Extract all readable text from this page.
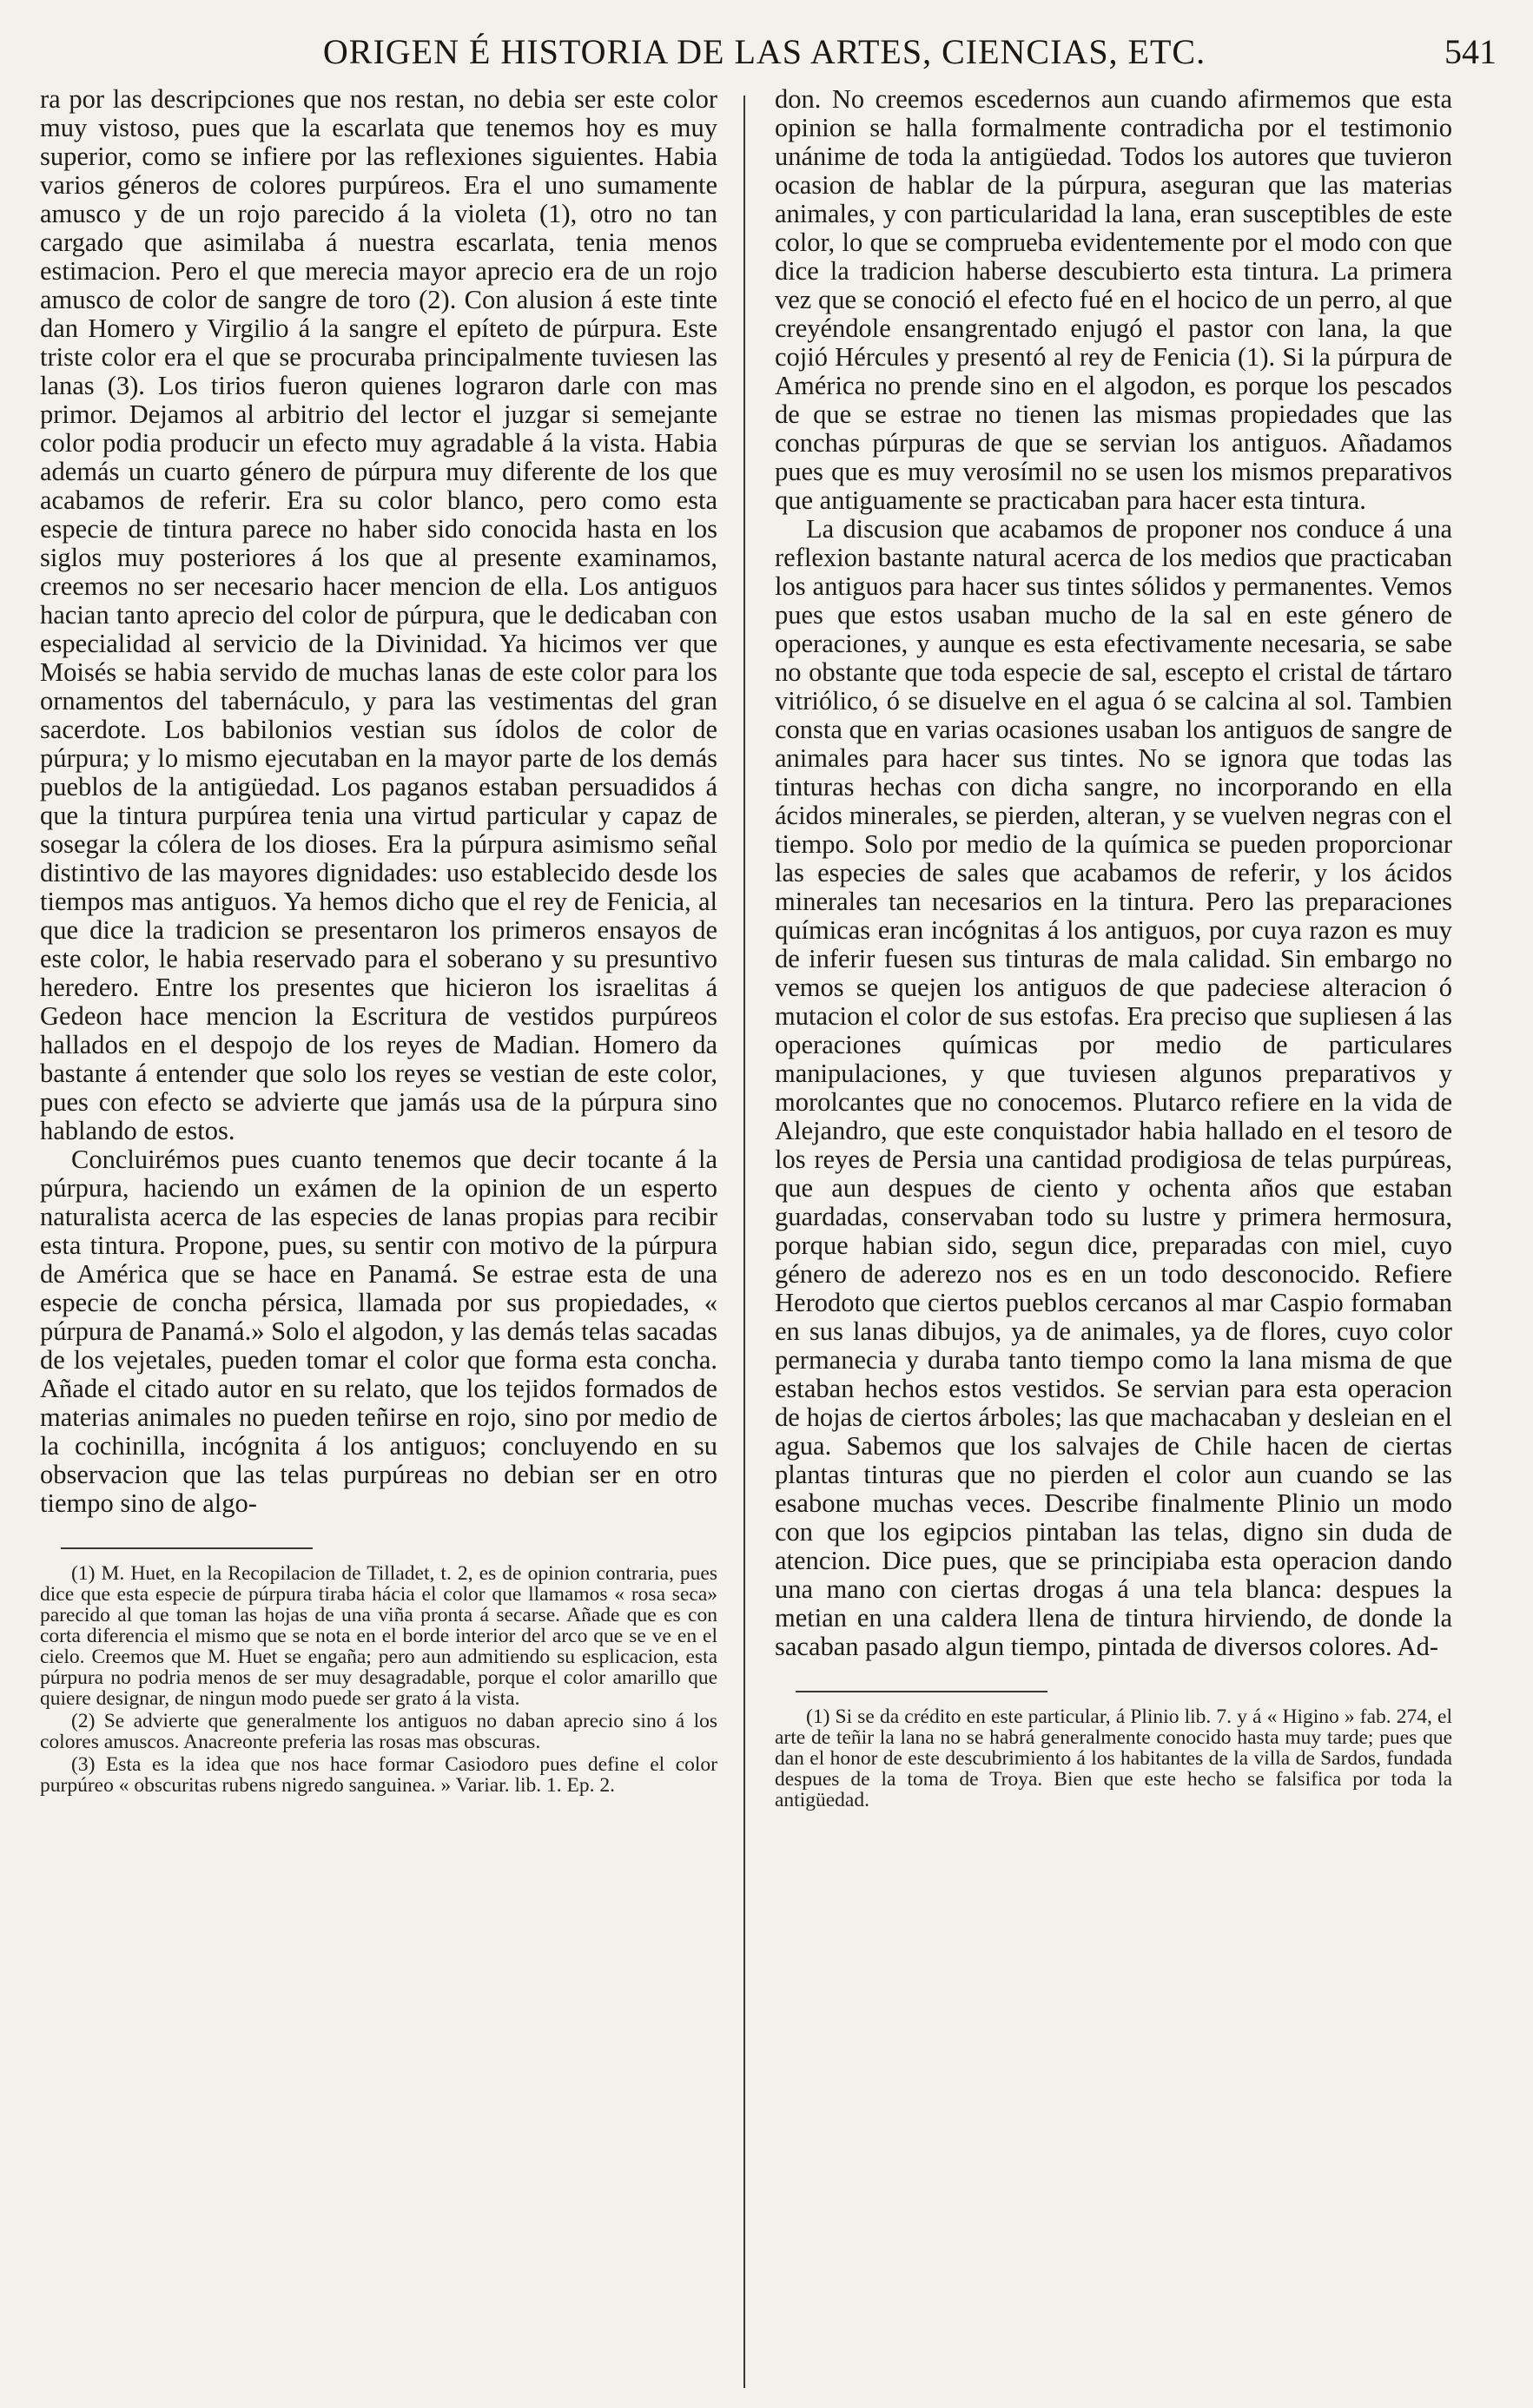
ORIGEN É HISTORIA DE LAS ARTES, CIENCIAS, ETC.	541

ra por las descripciones que nos restan, no debia ser este color muy vistoso, pues que la escarlata que tenemos hoy es muy superior, como se infiere por las reflexiones siguientes. Habia varios géneros de colores purpúreos. Era el uno sumamente amusco y de un rojo parecido á la violeta (1), otro no tan cargado que asimilaba á nuestra escarlata, tenia menos estimacion. Pero el que merecia mayor aprecio era de un rojo amusco de color de sangre de toro (2). Con alusion á este tinte dan Homero y Virgilio á la sangre el epíteto de púrpura. Este triste color era el que se procuraba principalmente tuviesen las lanas (3). Los tirios fueron quienes lograron darle con mas primor. Dejamos al arbitrio del lector el juzgar si semejante color podia producir un efecto muy agradable á la vista. Habia además un cuarto género de púrpura muy diferente de los que acabamos de referir. Era su color blanco, pero como esta especie de tintura parece no haber sido conocida hasta en los siglos muy posteriores á los que al presente examinamos, creemos no ser necesario hacer mencion de ella. Los antiguos hacian tanto aprecio del color de púrpura, que le dedicaban con especialidad al servicio de la Divinidad. Ya hicimos ver que Moisés se habia servido de muchas lanas de este color para los ornamentos del tabernáculo, y para las vestimentas del gran sacerdote. Los babilonios vestian sus ídolos de color de púrpura; y lo mismo ejecutaban en la mayor parte de los demás pueblos de la antigüedad. Los paganos estaban persuadidos á que la tintura purpúrea tenia una virtud particular y capaz de sosegar la cólera de los dioses. Era la púrpura asimismo señal distintivo de las mayores dignidades: uso establecido desde los tiempos mas antiguos. Ya hemos dicho que el rey de Fenicia, al que dice la tradicion se presentaron los primeros ensayos de este color, le habia reservado para el soberano y su presuntivo heredero. Entre los presentes que hicieron los israelitas á Gedeon hace mencion la Escritura de vestidos purpúreos hallados en el despojo de los reyes de Madian. Homero da bastante á entender que solo los reyes se vestian de este color, pues con efecto se advierte que jamás usa de la púrpura sino hablando de estos.

Concluirémos pues cuanto tenemos que decir tocante á la púrpura, haciendo un exámen de la opinion de un esperto naturalista acerca de las especies de lanas propias para recibir esta tintura. Propone, pues, su sentir con motivo de la púrpura de América que se hace en Panamá. Se estrae esta de una especie de concha pérsica, llamada por sus propiedades, « púrpura de Panamá.» Solo el algodon, y las demás telas sacadas de los vejetales, pueden tomar el color que forma esta concha. Añade el citado autor en su relato, que los tejidos formados de materias animales no pueden teñirse en rojo, sino por medio de la cochinilla, incógnita á los antiguos; concluyendo en su observacion que las telas purpúreas no debian ser en otro tiempo sino de algo-

(1) M. Huet, en la Recopilacion de Tilladet, t. 2, es de opinion contraria, pues dice que esta especie de púrpura tiraba hácia el color que llamamos « rosa seca» parecido al que toman las hojas de una viña pronta á secarse. Añade que es con corta diferencia el mismo que se nota en el borde interior del arco que se ve en el cielo. Creemos que M. Huet se engaña; pero aun admitiendo su esplicacion, esta púrpura no podria menos de ser muy desagradable, porque el color amarillo que quiere designar, de ningun modo puede ser grato á la vista.

(2) Se advierte que generalmente los antiguos no daban aprecio sino á los colores amuscos. Anacreonte preferia las rosas mas obscuras.

(3) Esta es la idea que nos hace formar Casiodoro pues define el color purpúreo « obscuritas rubens nigredo sanguinea. » Variar. lib. 1. Ep. 2.

don. No creemos escedernos aun cuando afirmemos que esta opinion se halla formalmente contradicha por el testimonio unánime de toda la antigüedad. Todos los autores que tuvieron ocasion de hablar de la púrpura, aseguran que las materias animales, y con particularidad la lana, eran susceptibles de este color, lo que se comprueba evidentemente por el modo con que dice la tradicion haberse descubierto esta tintura. La primera vez que se conoció el efecto fué en el hocico de un perro, al que creyéndole ensangrentado enjugó el pastor con lana, la que cojió Hércules y presentó al rey de Fenicia (1). Si la púrpura de América no prende sino en el algodon, es porque los pescados de que se estrae no tienen las mismas propiedades que las conchas púrpuras de que se servian los antiguos. Añadamos pues que es muy verosímil no se usen los mismos preparativos que antiguamente se practicaban para hacer esta tintura.

La discusion que acabamos de proponer nos conduce á una reflexion bastante natural acerca de los medios que practicaban los antiguos para hacer sus tintes sólidos y permanentes. Vemos pues que estos usaban mucho de la sal en este género de operaciones, y aunque es esta efectivamente necesaria, se sabe no obstante que toda especie de sal, escepto el cristal de tártaro vitriólico, ó se disuelve en el agua ó se calcina al sol. Tambien consta que en varias ocasiones usaban los antiguos de sangre de animales para hacer sus tintes. No se ignora que todas las tinturas hechas con dicha sangre, no incorporando en ella ácidos minerales, se pierden, alteran, y se vuelven negras con el tiempo. Solo por medio de la química se pueden proporcionar las especies de sales que acabamos de referir, y los ácidos minerales tan necesarios en la tintura. Pero las preparaciones químicas eran incógnitas á los antiguos, por cuya razon es muy de inferir fuesen sus tinturas de mala calidad. Sin embargo no vemos se quejen los antiguos de que padeciese alteracion ó mutacion el color de sus estofas. Era preciso que supliesen á las operaciones químicas por medio de particulares manipulaciones, y que tuviesen algunos preparativos y morolcantes que no conocemos. Plutarco refiere en la vida de Alejandro, que este conquistador habia hallado en el tesoro de los reyes de Persia una cantidad prodigiosa de telas purpúreas, que aun despues de ciento y ochenta años que estaban guardadas, conservaban todo su lustre y primera hermosura, porque habian sido, segun dice, preparadas con miel, cuyo género de aderezo nos es en un todo desconocido. Refiere Herodoto que ciertos pueblos cercanos al mar Caspio formaban en sus lanas dibujos, ya de animales, ya de flores, cuyo color permanecia y duraba tanto tiempo como la lana misma de que estaban hechos estos vestidos. Se servian para esta operacion de hojas de ciertos árboles; las que machacaban y desleian en el agua. Sabemos que los salvajes de Chile hacen de ciertas plantas tinturas que no pierden el color aun cuando se las esabone muchas veces. Describe finalmente Plinio un modo con que los egipcios pintaban las telas, digno sin duda de atencion. Dice pues, que se principiaba esta operacion dando una mano con ciertas drogas á una tela blanca: despues la metian en una caldera llena de tintura hirviendo, de donde la sacaban pasado algun tiempo, pintada de diversos colores. Ad-

(1) Si se da crédito en este particular, á Plinio lib. 7. y á « Higino » fab. 274, el arte de teñir la lana no se habrá generalmente conocido hasta muy tarde; pues que dan el honor de este descubrimiento á los habitantes de la villa de Sardos, fundada despues de la toma de Troya. Bien que este hecho se falsifica por toda la antigüedad.
